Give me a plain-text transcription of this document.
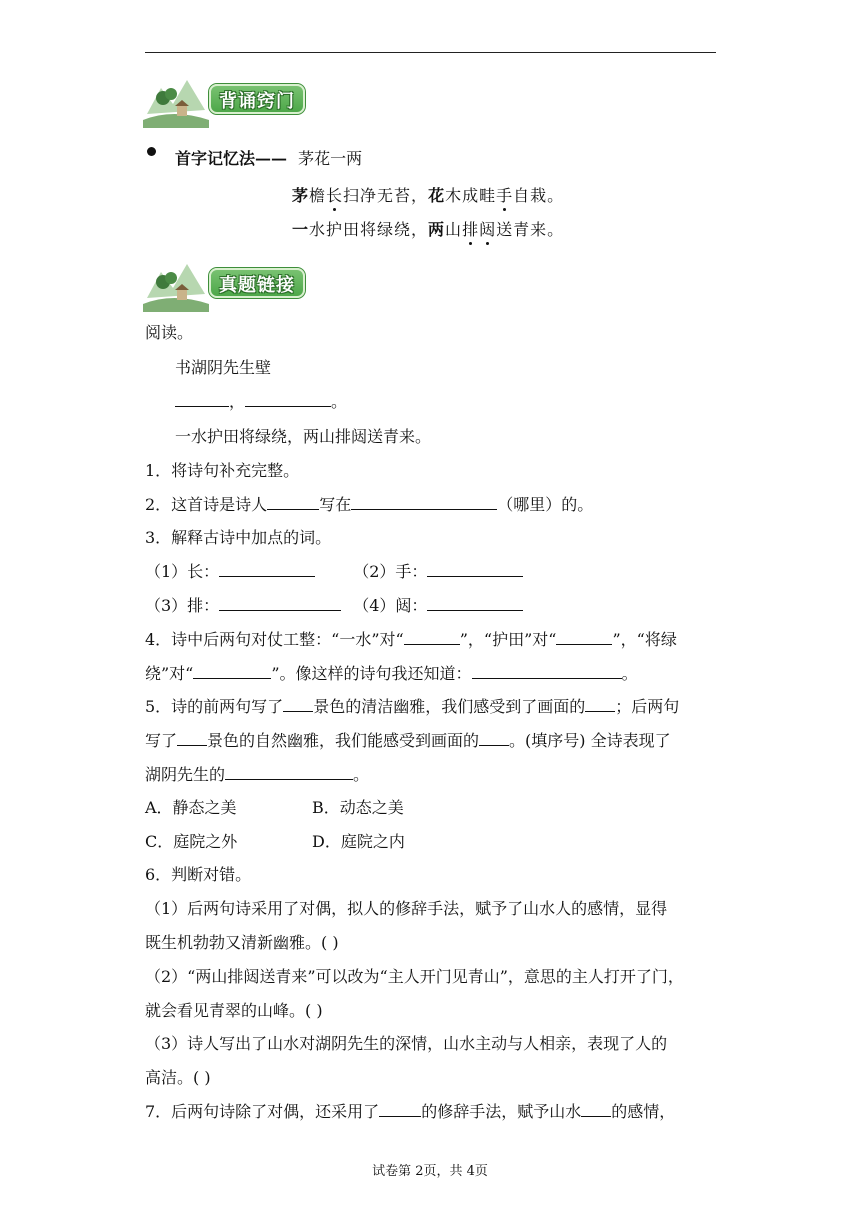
背诵窍门
首字记忆法—— 茅花一两
茅檐长扫净无苔，花木成畦手自栽。
一水护田将绿绕，两山排闼送青来。
真题链接
阅读。
书湖阴先生壁
，	。
一水护田将绿绕，两山排闼送青来。
1．将诗句补充完整。
2．这首诗是诗人	写在	（哪里）的。
3．解释古诗中加点的词。
（1）长：	（2）手：
（3）排：	（4）闼：
4．诗中后两句对仗工整：“一水”对“	”，“护田”对“	”，“将绿
绕”对“	”。像这样的诗句我还知道：	。
5．诗的前两句写了 景色的清洁幽雅，我们感受到了画面的 ；后两句
写了 景色的自然幽雅，我们能感受到画面的 。(填序号) 全诗表现了
湖阴先生的	。
A．静态之美	B．动态之美
C．庭院之外	D．庭院之内
6．判断对错。
（1）后两句诗采用了对偶，拟人的修辞手法，赋予了山水人的感情，显得
既生机勃勃又清新幽雅。( )
（2）“两山排闼送青来”可以改为“主人开门见青山”，意思的主人打开了门，
就会看见青翠的山峰。( )
（3）诗人写出了山水对湖阴先生的深情，山水主动与人相亲，表现了人的
高洁。( )
7．后两句诗除了对偶，还采用了	的修辞手法，赋予山水 的感情，
试卷第 2页，共 4页
